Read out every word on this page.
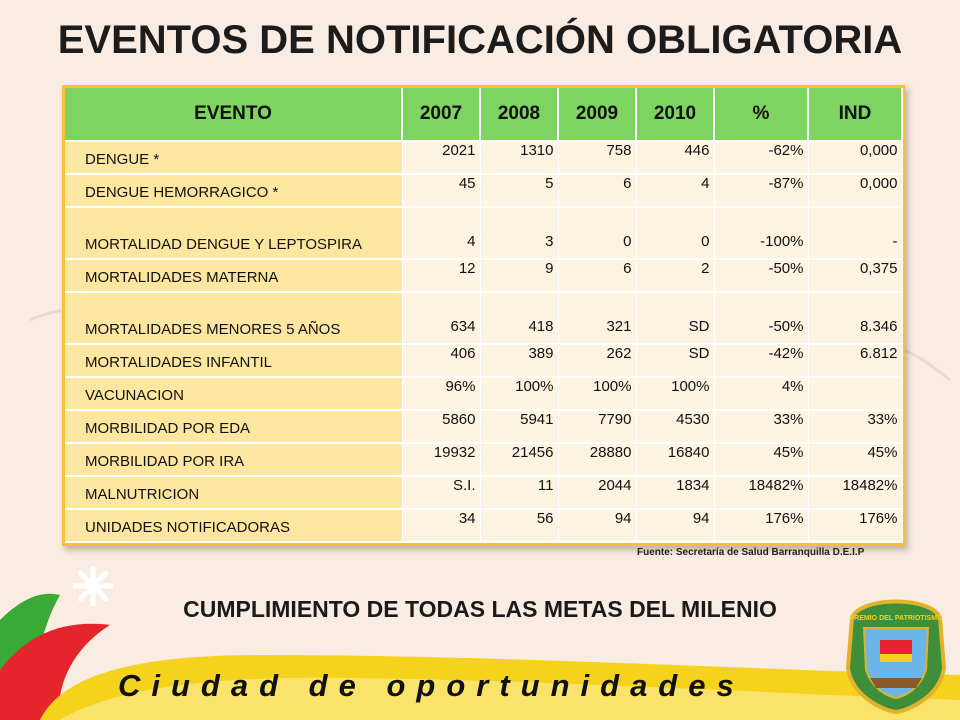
EVENTOS DE NOTIFICACIÓN OBLIGATORIA
EVENTO	2007	2008	2009	2010	%	IND
DENGUE *	2021	1310	758	446	-62%	0,000
DENGUE HEMORRAGICO *	45	5	6	4	-87%	0,000
MORTALIDAD DENGUE Y LEPTOSPIRA	4	3	0	0	-100%	-
MORTALIDADES MATERNA	12	9	6	2	-50%	0,375
MORTALIDADES MENORES 5 AÑOS	634	418	321	SD	-50%	8.346
MORTALIDADES INFANTIL	406	389	262	SD	-42%	6.812
VACUNACION	96%	100%	100%	100%	4%	
MORBILIDAD POR EDA	5860	5941	7790	4530	33%	33%
MORBILIDAD POR IRA	19932	21456	28880	16840	45%	45%
MALNUTRICION	S.I.	11	2044	1834	18482%	18482%
UNIDADES NOTIFICADORAS	34	56	94	94	176%	176%
Fuente: Secretaría de Salud Barranquilla D.E.I.P
CUMPLIMIENTO DE TODAS LAS METAS DEL MILENIO
Ciudad de oportunidades
PREMIO DEL PATRIOTISMO
